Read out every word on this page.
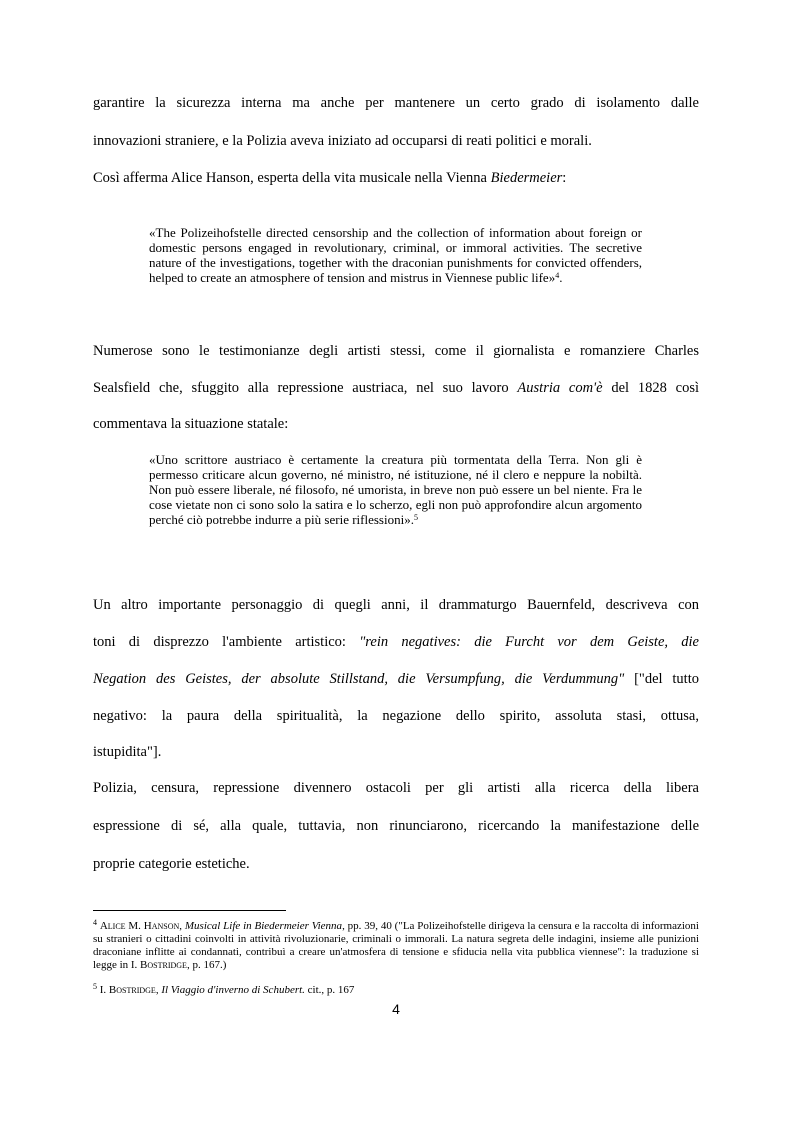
garantire la sicurezza interna ma anche per mantenere un certo grado di isolamento dalle

innovazioni straniere, e la Polizia aveva iniziato ad occuparsi di reati politici e morali.

Così afferma Alice Hanson, esperta della vita musicale nella Vienna Biedermeier:

«The Polizeihofstelle directed censorship and the collection of information about foreign or domestic persons engaged in revolutionary, criminal, or immoral activities. The secretive nature of the investigations, together with the draconian punishments for convicted offenders, helped to create an atmosphere of tension and mistrus in Viennese public life»$^4$.

Numerose sono le testimonianze degli artisti stessi, come il giornalista e romanziere Charles

Sealsfield che, sfuggito alla repressione austriaca, nel suo lavoro Austria com'è del 1828 così

commentava la situazione statale:

«Uno scrittore austriaco è certamente la creatura più tormentata della Terra. Non gli è permesso criticare alcun governo, né ministro, né istituzione, né il clero e neppure la nobiltà. Non può essere liberale, né filosofo, né umorista, in breve non può essere un bel niente. Fra le cose vietate non ci sono solo la satira e lo scherzo, egli non può approfondire alcun argomento perché ciò potrebbe indurre a più serie riflessioni».$^5$

Un altro importante personaggio di quegli anni, il drammaturgo Bauernfeld, descriveva con

toni di disprezzo l'ambiente artistico: "rein negatives: die Furcht vor dem Geiste, die

Negation des Geistes, der absolute Stillstand, die Versumpfung, die Verdummung" ["del tutto

negativo: la paura della spiritualità, la negazione dello spirito, assoluta stasi, ottusa,

istupidita"].

Polizia, censura, repressione divennero ostacoli per gli artisti alla ricerca della libera

espressione di sé, alla quale, tuttavia, non rinunciarono, ricercando la manifestazione delle

proprie categorie estetiche.

$^4$ Alice M. Hanson, Musical Life in Biedermeier Vienna, pp. 39, 40 ("La Polizeihofstelle dirigeva la censura e la raccolta di informazioni su stranieri o cittadini coinvolti in attività rivoluzionarie, criminali o immorali. La natura segreta delle indagini, insieme alle punizioni draconiane inflitte ai condannati, contribuì a creare un'atmosfera di tensione e sfiducia nella vita pubblica viennese": la traduzione si legge in I. Bostridge, p. 167.)

$^5$ I. Bostridge, Il Viaggio d'inverno di Schubert. cit., p. 167

4
